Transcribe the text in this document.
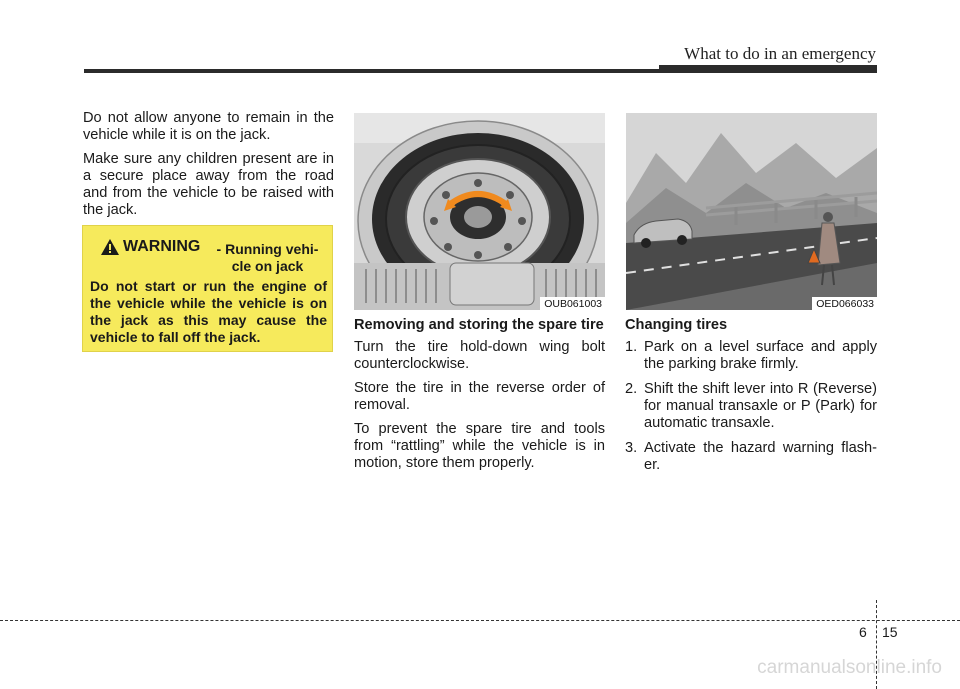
What to do in an emergency

Do not allow anyone to remain in the vehicle while it is on the jack.

Make sure any children present are in a secure place away from the road and from the vehicle to be raised with the jack.

WARNING	- Running vehi- cle on jack
Do not start or run the engine of the vehicle while the vehicle is on the jack as this may cause the vehicle to fall off the jack.
OUB061003	OED066033

Removing and storing the spare tire

Turn the tire hold-down wing bolt counterclockwise.

Store the tire in the reverse order of removal.

To prevent the spare tire and tools from “rattling” while the vehicle is in motion, store them properly.

Changing tires

1. Park on a level surface and apply the parking brake firmly.
2. Shift the shift lever into R (Reverse) for manual transaxle or P (Park) for automatic transaxle.
3. Activate the hazard warning flash- er.
6 15
carmanualsonline.info
